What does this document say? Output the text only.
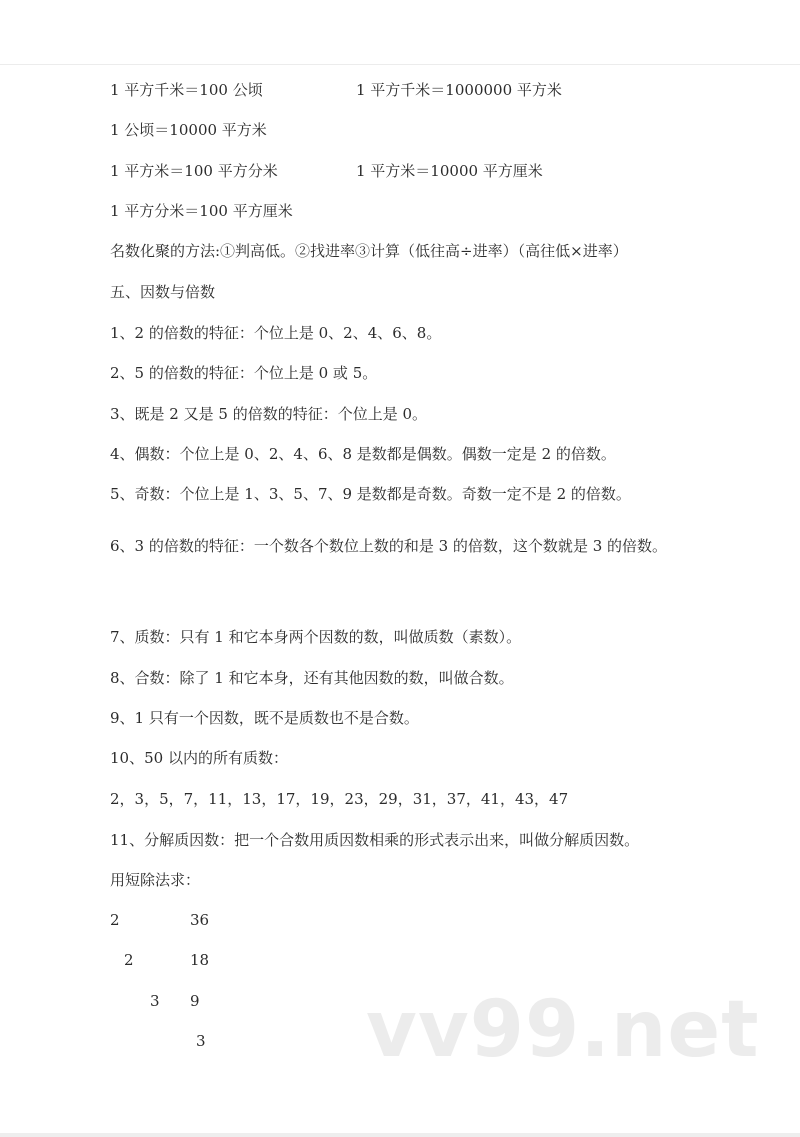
1 平方千米＝100 公顷	1 平方千米＝1000000 平方米
1 公顷＝10000 平方米
1 平方米＝100 平方分米	1 平方米＝10000 平方厘米
1 平方分米＝100 平方厘米
名数化聚的方法:①判高低。②找进率③计算（低往高÷进率）（高往低×进率）
五、因数与倍数
1、2 的倍数的特征：个位上是 0、2、4、6、8。
2、5 的倍数的特征：个位上是 0 或 5。
3、既是 2 又是 5 的倍数的特征：个位上是 0。
4、偶数：个位上是 0、2、4、6、8 是数都是偶数。偶数一定是 2 的倍数。
5、奇数：个位上是 1、3、5、7、9 是数都是奇数。奇数一定不是 2 的倍数。
6、3 的倍数的特征：一个数各个数位上数的和是 3 的倍数，这个数就是 3 的倍数。
7、质数：只有 1 和它本身两个因数的数，叫做质数（素数）。
8、合数：除了 1 和它本身，还有其他因数的数，叫做合数。
9、1 只有一个因数，既不是质数也不是合数。
10、50 以内的所有质数：
2，3，5，7，11，13，17，19，23，29，31，37，41，43，47
11、分解质因数：把一个合数用质因数相乘的形式表示出来，叫做分解质因数。
用短除法求：
2	36
2	18
3 9
3 vv99.net
